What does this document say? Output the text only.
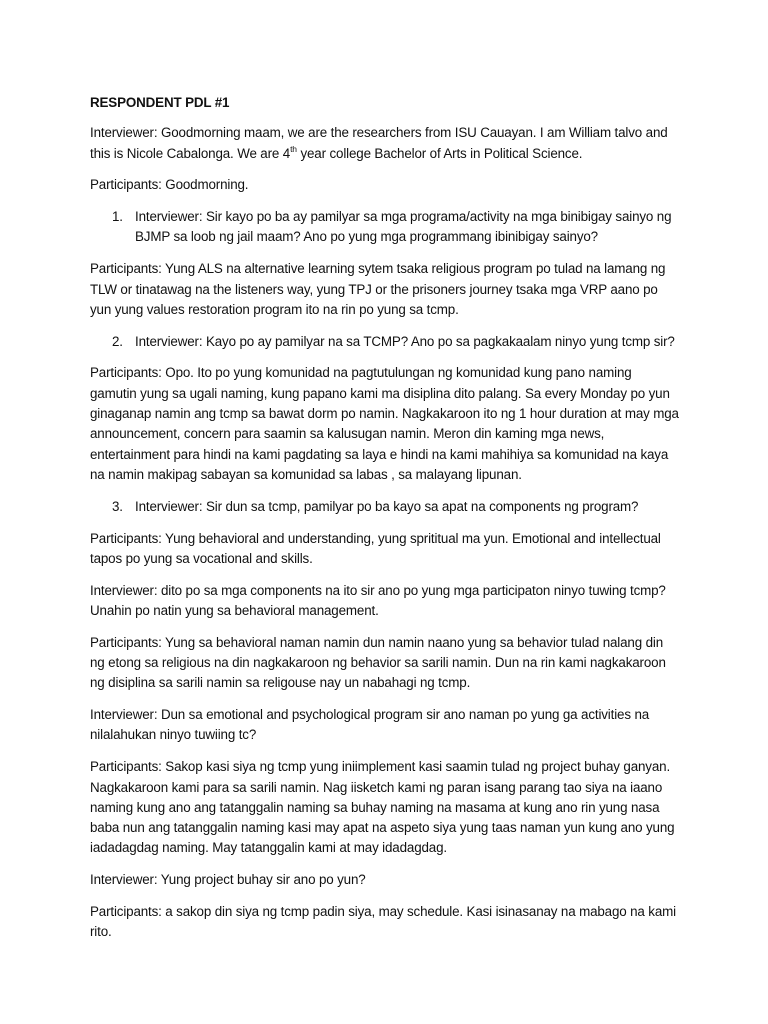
RESPONDENT PDL #1
Interviewer: Goodmorning maam, we are the researchers from ISU Cauayan. I am William talvo and this is Nicole Cabalonga. We are 4th year college Bachelor of Arts in Political Science.
Participants: Goodmorning.
1. Interviewer: Sir kayo po ba ay pamilyar sa mga programa/activity na mga binibigay sainyo ng BJMP sa loob ng jail maam? Ano po yung mga programmang ibinibigay sainyo?
Participants: Yung ALS na alternative learning sytem tsaka religious program po tulad na lamang ng TLW or tinatawag na the listeners way, yung TPJ or the prisoners journey tsaka mga VRP aano po yun yung values restoration program ito na rin po yung sa tcmp.
2. Interviewer: Kayo po ay pamilyar na sa TCMP? Ano po sa pagkakaalam ninyo yung tcmp sir?
Participants: Opo. Ito po yung komunidad na pagtutulungan ng komunidad kung pano naming gamutin yung sa ugali naming, kung papano kami ma disiplina dito palang. Sa every Monday po yun ginaganap namin ang tcmp sa bawat dorm po namin. Nagkakaroon ito ng 1 hour duration at may mga announcement, concern para saamin sa kalusugan namin. Meron din kaming mga news, entertainment para hindi na kami pagdating sa laya e hindi na kami mahihiya sa komunidad na kaya na namin makipag sabayan sa komunidad sa labas , sa malayang lipunan.
3. Interviewer: Sir dun sa tcmp, pamilyar po ba kayo sa apat na components ng program?
Participants: Yung behavioral and understanding, yung sprititual ma yun. Emotional and intellectual tapos po yung sa vocational and skills.
Interviewer: dito po sa mga components na ito sir ano po yung mga participaton ninyo tuwing tcmp? Unahin po natin yung sa behavioral management.
Participants: Yung sa behavioral naman namin dun namin naano yung sa behavior tulad nalang din ng etong sa religious na din nagkakaroon ng behavior sa sarili namin. Dun na rin kami nagkakaroon ng disiplina sa sarili namin sa religouse nay un nabahagi ng tcmp.
Interviewer: Dun sa emotional and psychological program sir ano naman po yung ga activities na nilalahukan ninyo tuwiing tc?
Participants: Sakop kasi siya ng tcmp yung iniimplement kasi saamin tulad ng project buhay ganyan. Nagkakaroon kami para sa sarili namin. Nag iisketch kami ng paran isang parang tao siya na iaano naming kung ano ang tatanggalin naming sa buhay naming na masama at kung ano rin yung nasa baba nun ang tatanggalin naming kasi may apat na aspeto siya yung taas naman yun kung ano yung iadadagdag naming. May tatanggalin kami at may idadagdag.
Interviewer: Yung project buhay sir ano po yun?
Participants: a sakop din siya ng tcmp padin siya, may schedule. Kasi isinasanay na mabago na kami rito.
